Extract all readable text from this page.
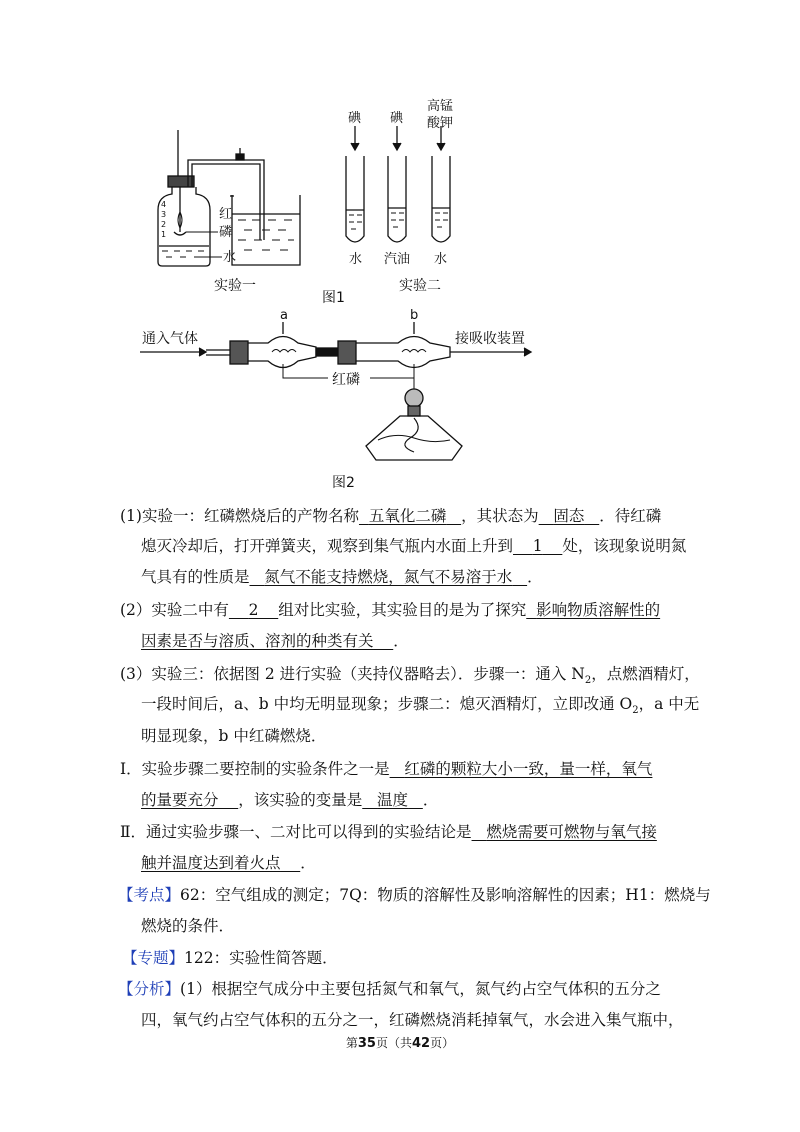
4
3
2
1
红
磷
水
实验一
碘 碘
高锰
酸钾
水 汽油 水
实验二
图1
通入气体	接吸收装置
a	b
红磷
图2
(1)实验一：红磷燃烧后的产物名称 五氧化二磷 ，其状态为 固态 ．待红磷
熄灭冷却后，打开弹簧夹，观察到集气瓶内水面上升到 1 处，该现象说明氮
气具有的性质是 氮气不能支持燃烧，氮气不易溶于水 ．
(2）实验二中有 2 组对比实验，其实验目的是为了探究 影响物质溶解性的
因素是否与溶质、溶剂的种类有关 ．
(3）实验三：依据图 2 进行实验（夹持仪器略去）．步骤一：通入 $N_2$，点燃酒精灯，
一段时间后，a、b 中均无明显现象；步骤二：熄灭酒精灯，立即改通 $O_2$，a 中无
明显现象，b 中红磷燃烧．
Ⅰ．实验步骤二要控制的实验条件之一是 红磷的颗粒大小一致，量一样，氧气
的量要充分 ，该实验的变量是 温度 ．
Ⅱ．通过实验步骤一、二对比可以得到的实验结论是 燃烧需要可燃物与氧气接
触并温度达到着火点 ．
【考点】62：空气组成的测定；7Q：物质的溶解性及影响溶解性的因素；H1：燃烧与
燃烧的条件．
【专题】122：实验性简答题．
【分析】(1）根据空气成分中主要包括氮气和氧气，氮气约占空气体积的五分之
四，氧气约占空气体积的五分之一，红磷燃烧消耗掉氧气，水会进入集气瓶中，
第35页（共42页）
